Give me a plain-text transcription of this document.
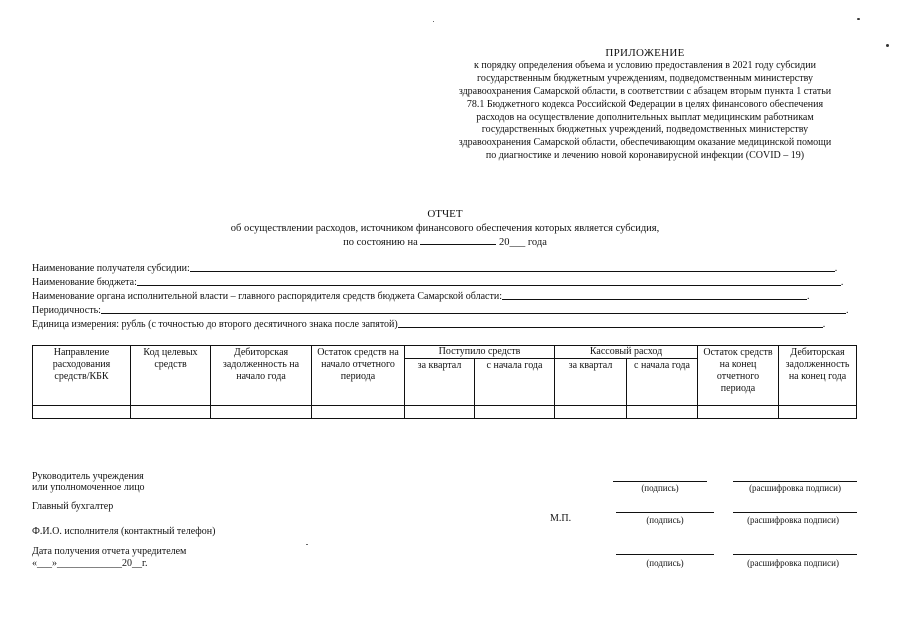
ПРИЛОЖЕНИЕ
к порядку определения объема и условию предоставления в 2021 году субсидии
государственным бюджетным учреждениям, подведомственным министерству
здравоохранения Самарской области, в соответствии с абзацем вторым пункта 1 статьи
78.1 Бюджетного кодекса Российской Федерации в целях финансового обеспечения
расходов на осуществление дополнительных выплат медицинским работникам
государственных бюджетных учреждений, подведомственных министерству
здравоохранения Самарской области, обеспечивающим оказание медицинской помощи
по диагностике и лечению новой коронавирусной инфекции (COVID – 19)
ОТЧЕТ
об осуществлении расходов, источником финансового обеспечения которых является субсидия,
по состоянию на	20___ года
Наименование получателя субсидии:	.
Наименование бюджета:	.
Наименование органа исполнительной власти – главного распорядителя средств бюджета Самарской области:	.
Периодичность:	.
Единица измерения: рубль (с точностью до второго десятичного знака после запятой)	.
Направление расходования средств/КБК	Код целевых средств	Дебиторская задолженность на начало года	Остаток средств на начало отчетного периода	Поступило средств		Кассовый расход		Остаток средств на конец отчетного периода	Дебиторская задолженность на конец года
				за квартал	с начала года	за квартал	с начала года		

Руководитель учреждения
или уполномоченное лицо
Главный бухгалтер
Ф.И.О. исполнителя (контактный телефон)
Дата получения отчета учредителем
«___»_____________20__г.
М.П.
(подпись)	(расшифровка подписи)
(подпись)	(расшифровка подписи)
(подпись)	(расшифровка подписи)
